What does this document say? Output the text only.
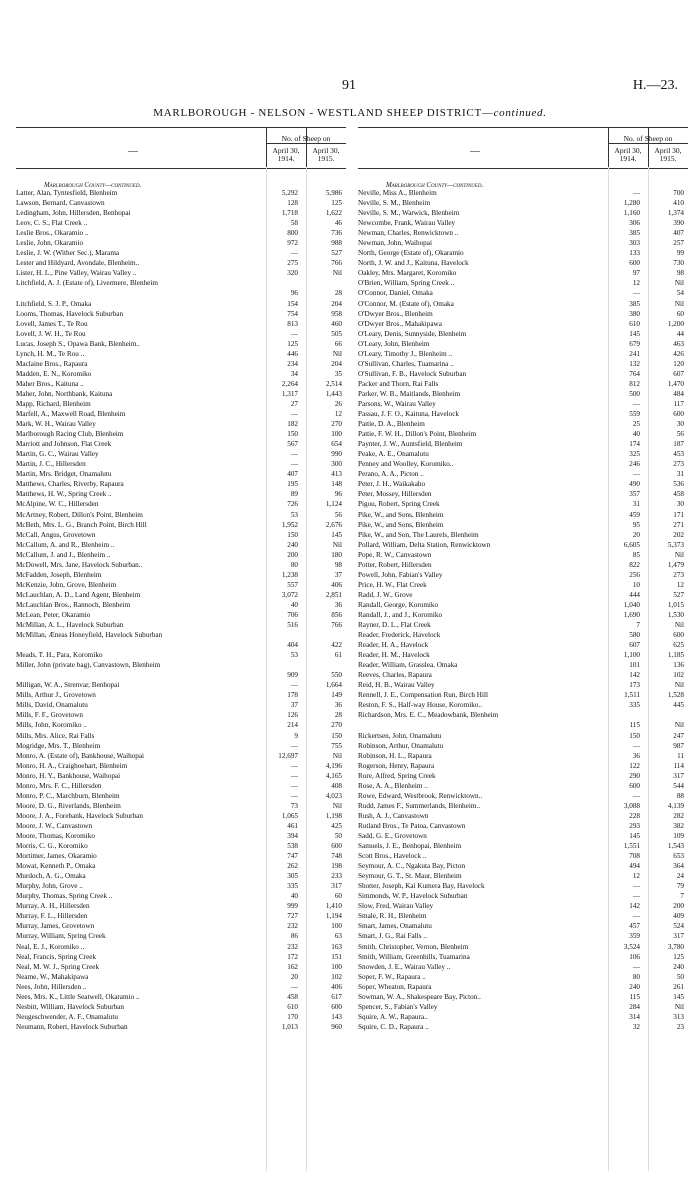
91	H.—23.
MARLBOROUGH - NELSON - WESTLAND SHEEP DISTRICT—continued.
—
No. of Sheep on
April 30, 1914.
April 30, 1915.
Marlborough County—continued.
Latter, Alan, Tyntesfield, Blenheim	5,292	5,986
Lawson, Bernard, Canvastown	128	125
Ledingham, John, Hillersden, Benhopai	1,718	1,622
Leov, C. S., Flat Creek ..	58	46
Leslie Bros., Okaramio ..	800	736
Leslie, John, Okaramio	972	988
Leslie, J. W. (Wither Sec.), Marama	—	527
Lester and Hildyard, Avondale, Blenheim..	275	766
Lister, H. L., Pine Valley, Wairau Valley ..	320	Nil
Litchfield, A. J. (Estate of), Livermere, Blenheim
96	28
Litchfield, S. J. P., Omaka	154	204
Looms, Thomas, Havelock Suburban	754	958
Lovell, James T., Te Rou	813	460
Lovell, J. W. H., Te Rou	—	505
Lucas, Joseph S., Opawa Bank, Blenheim..	125	66
Lynch, H. M., Te Rou ..	446	Nil
Maclaine Bros., Rapaura	234	204
Madden, E. N., Koromiko	34	35
Maher Bros., Kaituna ..	2,264	2,514
Maher, John, Northbank, Kaituna	1,317	1,443
Mapp, Richard, Blenheim	27	26
Marfell, A., Maxwell Road, Blenheim	—	12
Mark, W. H., Wairau Valley	182	270
Marlborough Racing Club, Blenheim	150	100
Marriott and Johnson, Flat Creek	567	654
Martin, G. C., Wairau Valley	—	990
Martin, J. C., Hillersden	—	300
Martin, Mrs. Bridget, Onamalutu	407	413
Matthews, Charles, Riverby, Rapaura	195	148
Matthews, H. W., Spring Creek ..	89	96
McAlpine, W. C., Hillersden	726	1,124
McArtney, Robert, Dillon's Point, Blenheim	53	56
McBeth, Mrs. L. G., Branch Point, Birch Hill	1,952	2,676
McCall, Angus, Grovetown	150	145
McCallum, A. and R., Blenheim ..	240	Nil
McCallum, J. and J., Blenheim ..	200	180
McDowell, Mrs. Jane, Havelock Suburban..	80	98
McFadden, Joseph, Blenheim	1,238	37
McKenzie, John, Grove, Blenheim	557	406
McLauchlan, A. D., Land Agent, Blenheim	3,072	2,851
McLauchlan Bros., Rannoch, Blenheim	40	36
McLean, Peter, Okaramio	706	856
McMillan, A. L., Havelock Suburban	516	766
McMillan, Æneas Honeyfield, Havelock Suburban
404	422
Meads, T. H., Para, Koromiko	53	61
Miller, John (private bag), Canvastown, Blenheim
909	550
Milligan, W. A., Strenvar, Benhopai	—	1,664
Mills, Arthur J., Grovetown	178	149
Mills, David, Onamalutu	37	36
Mills, F. F., Grovetown	126	28
Mills, John, Koromiko ..	214	270
Mills, Mrs. Alice, Rai Falls	9	150
Mogridge, Mrs. T., Blenheim	—	755
Monro, A. (Estate of), Bankhouse, Waihopai	12,697	Nil
Monro, H. A., Craighoehart, Blenheim	—	4,196
Monro, H. Y., Bankhouse, Waihopai	—	4,165
Monro, Mrs. F. C., Hillersden	—	408
Monro, P. C., Marchburn, Blenheim	—	4,023
Moore, D. G., Riverlands, Blenheim	73	Nil
Moore, J. A., Forebank, Havelock Suburban	1,065	1,198
Moore, J. W., Canvastown	461	425
Moore, Thomas, Koromiko	394	50
Morris, C. G., Koromiko	538	600
Mortimer, James, Okaramio	747	748
Mowat, Kenneth P., Omaka	262	198
Murdoch, A. G., Omaka	305	233
Murphy, John, Grove ..	335	317
Murphy, Thomas, Spring Creek ..	40	60
Murray, A. H., Hillersden	999	1,410
Murray, F. L., Hillersden	727	1,194
Murray, James, Grovetown	232	100
Murray, William, Spring Creek	86	63
Neal, E. J., Koromiko ..	232	163
Neal, Francis, Spring Creek	172	151
Neal, M. W. J., Spring Creek	162	100
Neame, W., Mahakipawa	20	102
Nees, John, Hillersden ..	—	406
Nees, Mrs. K., Little Seatwell, Okaramio ..	458	617
Nesbitt, William, Havelock Suburban	610	600
Neugeschwender, A. F., Onamalutu	170	143
Neumann, Robert, Havelock Suburban	1,013	960
—
No. of Sheep on
April 30, 1914.
April 30, 1915.
Marlborough County—continued.
Neville, Miss A., Blenheim	—	700
Neville, S. M., Blenheim	1,280	410
Neville, S. M., Warwick, Blenheim	1,160	1,374
Newcombe, Frank, Wairau Valley	306	390
Newman, Charles, Renwicktown ..	385	407
Newman, John, Waihopai	303	257
North, George (Estate of), Okaramio	133	99
North, J. W. and J., Kaituna, Havelock	600	730
Oakley, Mrs. Margaret, Koromiko	97	98
O'Brien, William, Spring Creek ..	12	Nil
O'Connor, Daniel, Omaka	—	54
O'Connor, M. (Estate of), Omaka	385	Nil
O'Dwyer Bros., Blenheim	380	60
O'Dwyer Bros., Mahakipawa	610	1,200
O'Leary, Denis, Sunnyside, Blenheim	145	44
O'Leary, John, Blenheim	679	463
O'Leary, Timothy J., Blenheim ..	241	426
O'Sullivan, Charles, Tuamarina ..	132	120
O'Sullivan, F. B., Havelock Suburban	764	607
Packer and Thorn, Rai Falls	812	1,470
Parker, W. B., Maitlands, Blenheim	500	484
Parsons, W., Wairau Valley	—	117
Passau, J. F. O., Kaituna, Havelock	559	600
Pattie, D. A., Blenheim	25	30
Pattie, F. W. H., Dillon's Point, Blenheim	40	56
Paynter, J. W., Auntsfield, Blenheim	174	187
Peake, A. E., Onamalutu	325	453
Penney and Woolley, Koromiko..	246	273
Perano, A. A., Picton ..	—	31
Peter, J. H., Waikakaho	490	536
Peter, Mossey, Hillersden	357	458
Pigou, Robert, Spring Creek	31	30
Pike, W., and Sons, Blenheim	459	171
Pike, W., and Sons, Blenheim	95	271
Pike, W., and Son, The Laurels, Blenheim	20	202
Pollard, William, Delta Station, Renwicktown	6,605	5,373
Pope, R. W., Canvastown	85	Nil
Potter, Robert, Hillersden	822	1,479
Powell, John, Fabian's Valley	256	273
Price, H. W., Flat Creek	10	12
Radd, J. W., Grove	444	527
Randall, George, Koromiko	1,040	1,015
Randall, J., and J., Koromiko	1,690	1,530
Rayner, D. L., Flat Creek	7	Nil
Reader, Frederick, Havelock	580	600
Reader, H. A., Havelock	607	625
Reader, H. M., Havelock	1,100	1,185
Reader, William, Grasslea, Omaka	101	136
Reeves, Charles, Rapaura	142	102
Reid, H. B., Wairau Valley	173	Nil
Rennell, J. E., Compensation Run, Birch Hill	1,511	1,528
Reston, F. S., Half-way House, Koromiko..	335	445
Richardson, Mrs. E. C., Meadowbank, Blenheim
115	Nil
Rickertsen, John, Onamalutu	150	247
Robinson, Arthur, Onamalutu	—	987
Robinson, H. L., Rapaura	36	11
Rogerson, Henry, Rapaura	122	114
Rore, Alfred, Spring Creek	290	317
Rose, A. A., Blenheim ..	600	544
Rowe, Edward, Westbrook, Renwicktown..	—	88
Rudd, James F., Summerlands, Blenheim..	3,088	4,139
Rush, A. J., Canvastown	228	282
Rutland Bros., Te Patoa, Canvastown	293	382
Sadd, G. E., Grovetown	145	109
Samuels, J. E., Benhopai, Blenheim	1,551	1,543
Scott Bros., Havelock ..	708	653
Seymour, A. C., Ngakuta Bay, Picton	494	364
Seymour, G. T., St. Maur, Blenheim	12	24
Shotter, Joseph, Kai Kumera Bay, Havelock	—	79
Simmonds, W. P., Havelock Suburban	—	7
Slow, Fred, Wairau Valley	142	200
Smale, R. H., Blenheim	—	409
Smart, James, Onamalutu	457	524
Smart, J. G., Rai Falls ..	359	317
Smith, Christopher, Vernon, Blenheim	3,524	3,780
Smith, William, Greenhills, Tuamarina	106	125
Snowden, J. E., Wairau Valley ..	—	240
Soper, F. W., Rapaura ..	80	50
Soper, Wheaton, Rapaura	240	261
Sowman, W. A., Shakespeare Bay, Picton..	115	145
Spencer, S., Fabian's Valley	284	Nil
Squire, A. W., Rapaura..	314	313
Squire, C. D., Rapaura ..	32	23
